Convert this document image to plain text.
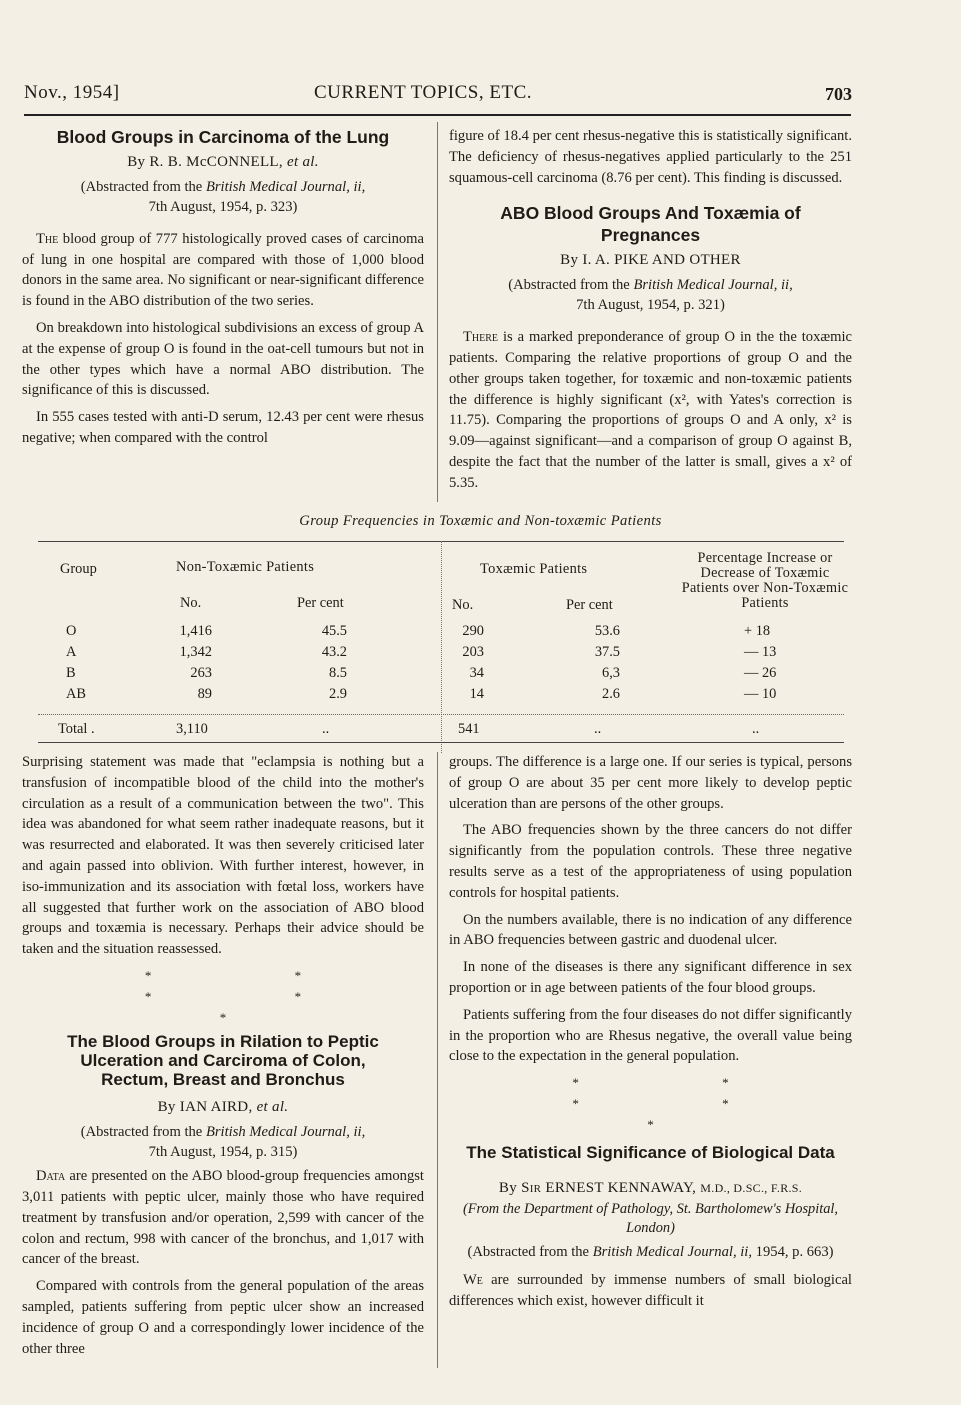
Nov., 1954]	CURRENT TOPICS, ETC.	703
Blood Groups in Carcinoma of the Lung
By R. B. McCONNELL, et al.
(Abstracted from the British Medical Journal, ii,
7th August, 1954, p. 323)

The blood group of 777 histologically proved cases of carcinoma of lung in one hospital are compared with those of 1,000 blood donors in the same area. No significant or near-significant difference is found in the ABO distribution of the two series.

On breakdown into histological subdivisions an excess of group A at the expense of group O is found in the oat-cell tumours but not in the other types which have a normal ABO distribution. The significance of this is discussed.

In 555 cases tested with anti-D serum, 12.43 per cent were rhesus negative; when compared with the control

figure of 18.4 per cent rhesus-negative this is statistically significant. The deficiency of rhesus-negatives applied particularly to the 251 squamous-cell carcinoma (8.76 per cent). This finding is discussed.

ABO Blood Groups And Toxæmia of Pregnances
By I. A. PIKE AND OTHER
(Abstracted from the British Medical Journal, ii,
7th August, 1954, p. 321)

There is a marked preponderance of group O in the the toxæmic patients. Comparing the relative proportions of group O and the other groups taken together, for toxæmic and non-toxæmic patients the difference is highly significant (x², with Yates's correction is 11.75). Comparing the proportions of groups O and A only, x² is 9.09—against significant—and a comparison of group O against B, despite the fact that the number of the latter is small, gives a x² of 5.35.

Group Frequencies in Toxæmic and Non-toxæmic Patients
Group	Non-Toxæmic Patients	Toxæmic Patients
Percentage Increase or Decrease of Toxæmic Patients over Non-Toxæmic Patients
No.	Per cent	No.	Per cent
O	1,416	45.5	290	53.6	+ 18
A	1,342	43.2	203	37.5	— 13
B	263	8.5	34	6,3	— 26
AB	89	2.9	14	2.6	— 10
Total .	3,110	..	541	..	..

Surprising statement was made that "eclampsia is nothing but a transfusion of incompatible blood of the child into the mother's circulation as a result of a communication between the two". This idea was abandoned for what seem rather inadequate reasons, but it was resurrected and elaborated. It was then severely criticised later and again passed into oblivion. With further interest, however, in iso-immunization and its association with fœtal loss, workers have all suggested that further work on the association of ABO blood groups and toxæmia is necessary. Perhaps their advice should be taken and the situation reassessed.

* * * * *
The Blood Groups in Rilation to Peptic Ulceration and Carciroma of Colon, Rectum, Breast and Bronchus
By IAN AIRD, et al.
(Abstracted from the British Medical Journal, ii,
7th August, 1954, p. 315)

Data are presented on the ABO blood-group frequencies amongst 3,011 patients with peptic ulcer, mainly those who have required treatment by transfusion and/or operation, 2,599 with cancer of the colon and rectum, 998 with cancer of the bronchus, and 1,017 with cancer of the breast.

Compared with controls from the general population of the areas sampled, patients suffering from peptic ulcer show an increased incidence of group O and a correspondingly lower incidence of the other three

groups. The difference is a large one. If our series is typical, persons of group O are about 35 per cent more likely to develop peptic ulceration than are persons of the other groups.

The ABO frequencies shown by the three cancers do not differ significantly from the population controls. These three negative results serve as a test of the appropriateness of using population controls for hospital patients.

On the numbers available, there is no indication of any difference in ABO frequencies between gastric and duodenal ulcer.

In none of the diseases is there any significant difference in sex proportion or in age between patients of the four blood groups.

Patients suffering from the four diseases do not differ significantly in the proportion who are Rhesus negative, the overall value being close to the expectation in the general population.

* * * * *
The Statistical Significance of Biological Data
By Sir ERNEST KENNAWAY, M.D., D.SC., F.R.S.
(From the Department of Pathology, St. Bartholomew's Hospital, London)
(Abstracted from the British Medical Journal, ii, 1954, p. 663)

We are surrounded by immense numbers of small biological differences which exist, however difficult it
